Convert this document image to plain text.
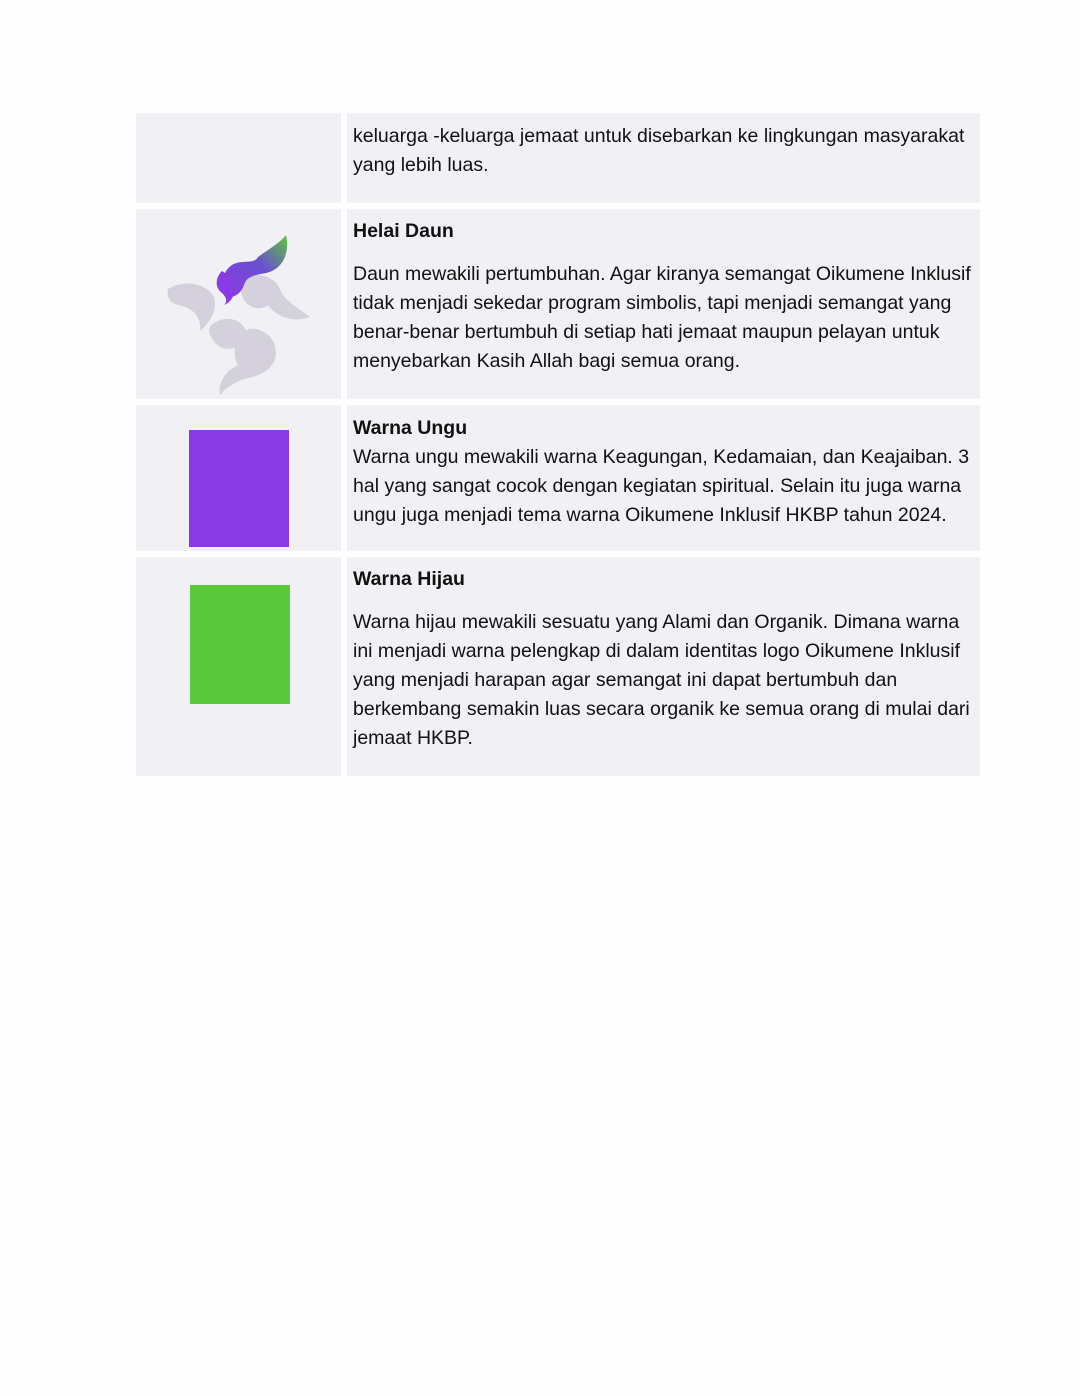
keluarga -keluarga jemaat untuk disebarkan ke lingkungan masyarakat yang lebih luas.
Helai Daun
Daun mewakili pertumbuhan. Agar kiranya semangat Oikumene Inklusif tidak menjadi sekedar program simbolis, tapi menjadi semangat yang benar-benar bertumbuh di setiap hati jemaat maupun pelayan untuk menyebarkan Kasih Allah bagi semua orang.
Warna Ungu
Warna ungu mewakili warna Keagungan, Kedamaian, dan Keajaiban. 3 hal yang sangat cocok dengan kegiatan spiritual. Selain itu juga warna ungu juga menjadi tema warna Oikumene Inklusif HKBP tahun 2024.
Warna Hijau
Warna hijau mewakili sesuatu yang Alami dan Organik. Dimana warna ini menjadi warna pelengkap di dalam identitas logo Oikumene Inklusif yang menjadi harapan agar semangat ini dapat bertumbuh dan berkembang semakin luas secara organik ke semua orang di mulai dari jemaat HKBP.
